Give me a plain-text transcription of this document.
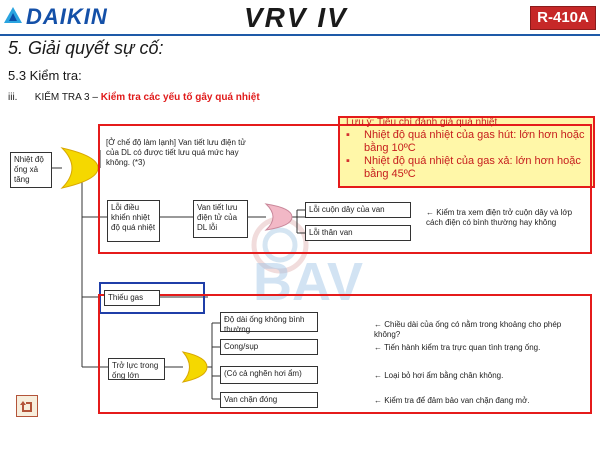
DAIKIN	VRV IV	R-410A
5. Giải quyết sự cố:
5.3 Kiểm tra:
iii. KIỂM TRA 3 – Kiểm tra các yếu tố gây quá nhiệt
BAV
Lưu ý: Tiêu chí đánh giá quá nhiệt
▪ Nhiệt độ quá nhiệt của gas hút: lớn hơn hoặc bằng 10ºC
▪ Nhiệt độ quá nhiệt của gas xả: lớn hơn hoặc bằng 45ºC
Nhiệt độ ống xả tăng
[Ở chế độ làm lạnh] Van tiết lưu điện tử của DL có được tiết lưu quá mức hay không. (*3)
Lỗi điều khiển nhiệt độ quá nhiệt
Van tiết lưu điện tử của DL lỗi
Lỗi cuộn dây của van
Lỗi thân van
← Kiểm tra xem điện trở cuộn dây và lớp cách điện có bình thường hay không
Thiếu gas
Trở lực trong ống lớn
Độ dài ống không bình thường
Cong/sụp
(Có cả nghẽn hơi ẩm)
Van chặn đóng
← Chiều dài của ống có nằm trong khoảng cho phép không?
← Tiến hành kiểm tra trực quan tình trạng ống.
← Loại bỏ hơi ẩm bằng chân không.
← Kiểm tra để đảm bảo van chặn đang mở.
